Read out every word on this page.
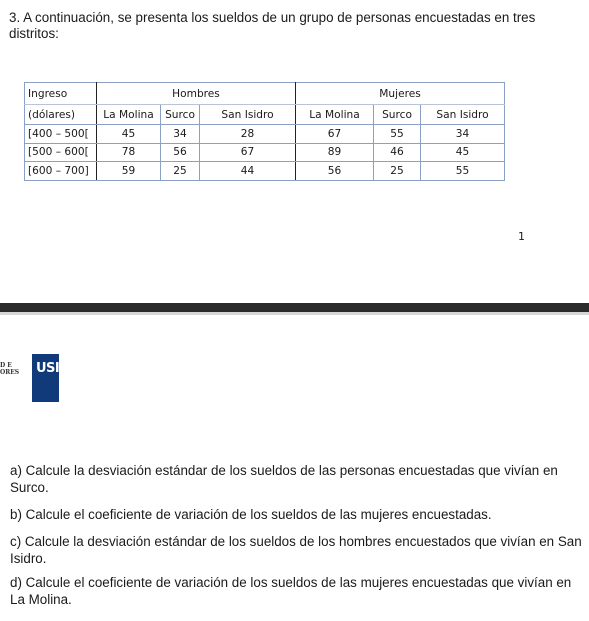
3. A continuación, se presenta los sueldos de un grupo de personas encuestadas en tres distritos:
Ingreso	Hombres			Mujeres		
(dólares)	La Molina	Surco	San Isidro	La Molina	Surco	San Isidro
[400 – 500[	45	34	28	67	55	34
[500 – 600[	78	56	67	89	46	45
[600 – 700]	59	25	44	56	25	55
1
D E
ORES USIL
a) Calcule la desviación estándar de los sueldos de las personas encuestadas que vivían en Surco.
b) Calcule el coeficiente de variación de los sueldos de las mujeres encuestadas.
c) Calcule la desviación estándar de los sueldos de los hombres encuestados que vivían en San Isidro.
d) Calcule el coeficiente de variación de los sueldos de las mujeres encuestadas que vivían en La Molina.
